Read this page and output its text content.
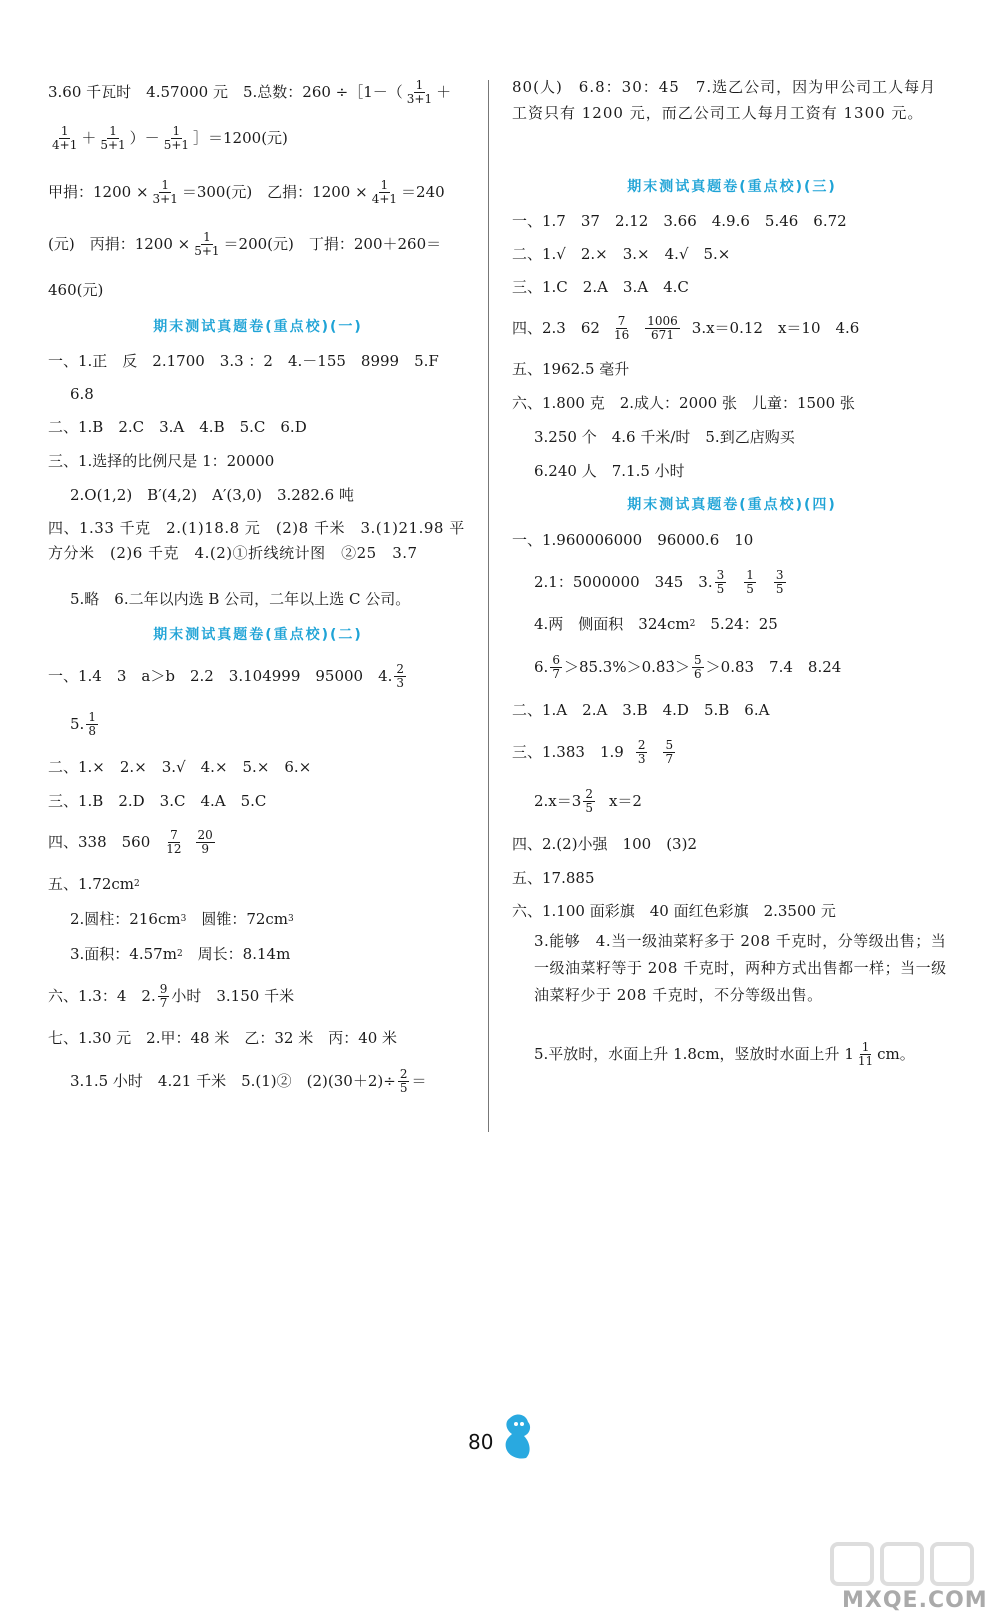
3.60 千瓦时　4.57000 元　5.总数：260 ÷［1－（ $\frac{1}{3+1}$ ＋
$\frac{1}{4+1} + \frac{1}{5+1}$ ）－ $\frac{1}{5+1}$ ］＝1200(元)
甲捐：$1200 \times \frac{1}{3+1} =300$(元)　乙捐：$1200 \times \frac{1}{4+1} =240$
(元)　丙捐：$1200 \times \frac{1}{5+1} =200$(元)　丁捐：200＋260＝
460(元)
期末测试真题卷(重点校)(一)
一、1.正　反　2.1700　3.3 ：2　4.－155　8999　5.F
6.8
二、1.B　2.C　3.A　4.B　5.C　6.D
三、1.选择的比例尺是 1：20000
2.O(1,2)　B′(4,2)　A′(3,0)　3.282.6 吨
四、1.33 千克　2.(1)18.8 元　(2)8 千米　3.(1)21.98 平方分米　(2)6 千克　4.(2)①折线统计图　②25　3.7
5.略　6.二年以内选 B 公司，二年以上选 C 公司。
期末测试真题卷(重点校)(二)
一、1.4　3　a＞b　2.2　3.104999　95000　4. $\frac{2}{3}$
5. $\frac{1}{8}$
二、1.×　2.×　3.√　4.×　5.×　6.×
三、1.B　2.D　3.C　4.A　5.C
四、338　$560 \frac{7}{12} \frac{20}{9}$
五、1.72cm 2
2.圆柱：216cm 3 　圆锥：72cm 3
3.面积：4.57m 2 　周长：8.14m
六、1.3：4　2. $\frac{9}{7}$ 小时　3.150 千米
七、1.30 元　2.甲：48 米　乙：32 米　丙：40 米
3.1.5 小时　4.21 千米　5.(1)②　$(2)(30+2)\div \frac{2}{5}$ ＝
80(人)　6.8：30：45　7.选乙公司，因为甲公司工人每月工资只有 1200 元，而乙公司工人每月工资有 1300 元。
期末测试真题卷(重点校)(三)
一、1.7　37　2.12　3.66　4.9.6　5.46　6.72
二、1.√　2.×　3.×　4.√　5.×
三、1.C　2.A　3.A　4.C
四、2.3　$62 \frac{7}{16} \frac{1006}{671} 3.x=0.12$　x＝10　4.6
五、1962.5 毫升
六、1.800 克　2.成人：2000 张　儿童：1500 张
3.250 个　4.6 千米/时　5.到乙店购买
6.240 人　7.1.5 小时
期末测试真题卷(重点校)(四)
一、1.960006000　96000.6　10
2.1：5000000　345　3. $\frac{3}{5} \frac{1}{5} \frac{3}{5}$
4.两　侧面积　324cm 2 　5.24：25
6. $\frac{6}{7}$ ＞85.3%＞0.8̇3̇＞ $\frac{5}{6} >0.83$　7.4　8.24
二、1.A　2.A　3.B　4.D　5.B　6.A
三、1.383　$1.9 \frac{2}{3} \frac{5}{7}$
$2.x=3 \frac{2}{5} x=2$
四、2.(2)小强　100　(3)2
五、17.885
六、1.100 面彩旗　40 面红色彩旗　2.3500 元
3.能够　4.当一级油菜籽多于 208 千克时，分等级出售；当一级油菜籽等于 208 千克时，两种方式出售都一样；当一级油菜籽少于 208 千克时，不分等级出售。
5.平放时，水面上升 1.8cm，竖放时水面上升 $1 \frac{1}{11}$ cm。
80
MXQE.COM
